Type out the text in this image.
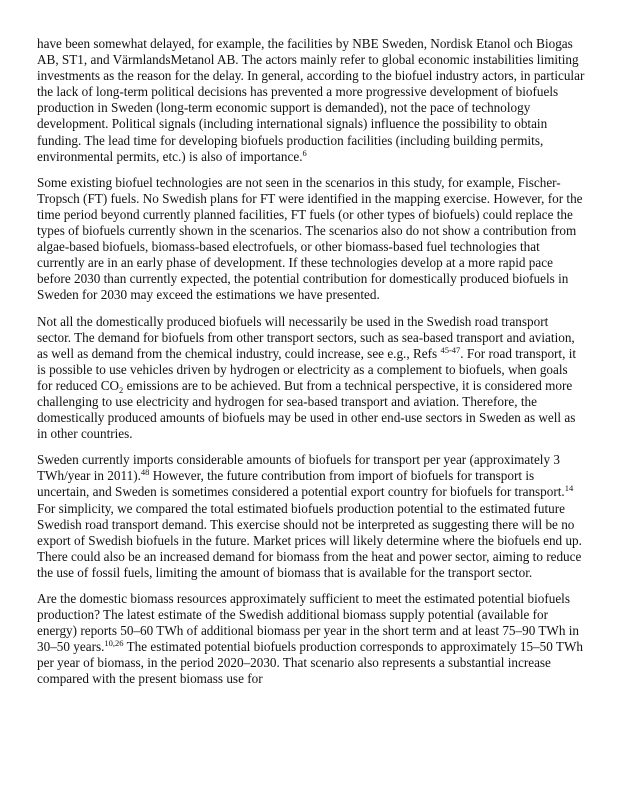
have been somewhat delayed, for example, the facilities by NBE Sweden, Nordisk Etanol och Biogas AB, ST1, and VärmlandsMetanol AB. The actors mainly refer to global economic instabilities limiting investments as the reason for the delay. In general, according to the biofuel industry actors, in particular the lack of long-term political decisions has prevented a more progressive development of biofuels production in Sweden (long-term economic support is demanded), not the pace of technology development. Political signals (including international signals) influence the possibility to obtain funding. The lead time for developing biofuels production facilities (including building permits, environmental permits, etc.) is also of importance.$^6$

Some existing biofuel technologies are not seen in the scenarios in this study, for example, Fischer-Tropsch (FT) fuels. No Swedish plans for FT were identified in the mapping exercise. However, for the time period beyond currently planned facilities, FT fuels (or other types of biofuels) could replace the types of biofuels currently shown in the scenarios. The scenarios also do not show a contribution from algae-based biofuels, biomass-based electrofuels, or other biomass-based fuel technologies that currently are in an early phase of development. If these technologies develop at a more rapid pace before 2030 than currently expected, the potential contribution for domestically produced biofuels in Sweden for 2030 may exceed the estimations we have presented.

Not all the domestically produced biofuels will necessarily be used in the Swedish road transport sector. The demand for biofuels from other transport sectors, such as sea-based transport and aviation, as well as demand from the chemical industry, could increase, see e.g., Refs $^{45-47}$. For road transport, it is possible to use vehicles driven by hydrogen or electricity as a complement to biofuels, when goals for reduced $CO_2$ emissions are to be achieved. But from a technical perspective, it is considered more challenging to use electricity and hydrogen for sea-based transport and aviation. Therefore, the domestically produced amounts of biofuels may be used in other end-use sectors in Sweden as well as in other countries.

Sweden currently imports considerable amounts of biofuels for transport per year (approximately 3 TWh/year in 2011).$^{48}$ However, the future contribution from import of biofuels for transport is uncertain, and Sweden is sometimes considered a potential export country for biofuels for transport.$^{14}$ For simplicity, we compared the total estimated biofuels production potential to the estimated future Swedish road transport demand. This exercise should not be interpreted as suggesting there will be no export of Swedish biofuels in the future. Market prices will likely determine where the biofuels end up. There could also be an increased demand for biomass from the heat and power sector, aiming to reduce the use of fossil fuels, limiting the amount of biomass that is available for the transport sector.

Are the domestic biomass resources approximately sufficient to meet the estimated potential biofuels production? The latest estimate of the Swedish additional biomass supply potential (available for energy) reports 50–60 TWh of additional biomass per year in the short term and at least 75–90 TWh in 30–50 years.$^{10,26}$ The estimated potential biofuels production corresponds to approximately 15–50 TWh per year of biomass, in the period 2020–2030. That scenario also represents a substantial increase compared with the present biomass use for
